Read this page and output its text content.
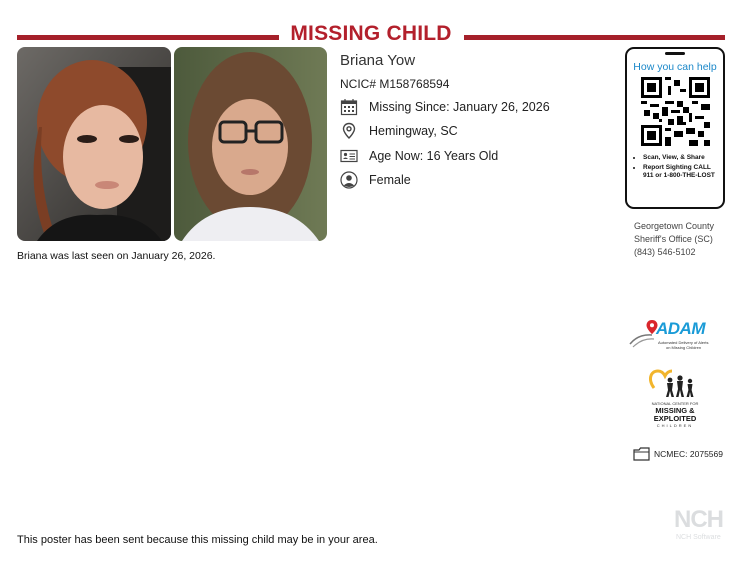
MISSING CHILD
Briana Yow
NCIC# M158768594
Missing Since: January 26, 2026
Hemingway, SC
Age Now: 16 Years Old
Female
Briana was last seen on January 26, 2026.
How you can help
• Scan, View, & Share
• Report Sighting CALL 911 or 1-800-THE-LOST
Georgetown County
Sheriff's Office (SC)
(843) 546-5102
ADAM
Automated Delivery of Alerts
on Missing Children
NATIONAL CENTER FOR
MISSING &
EXPLOITED
CHILDREN
NCMEC: 2075569
NCH
NCH Software
This poster has been sent because this missing child may be in your area.
